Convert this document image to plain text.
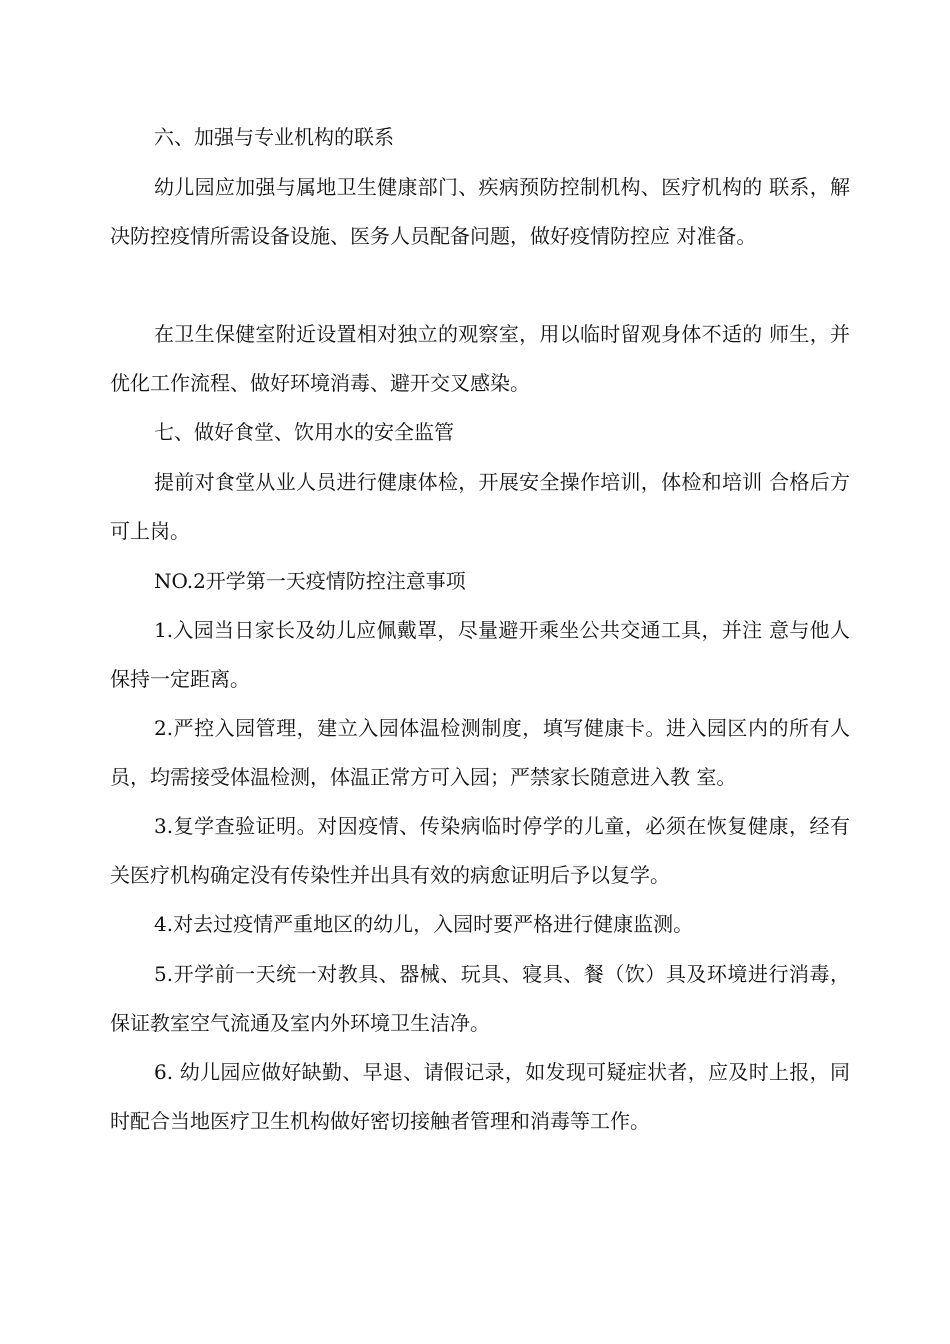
六、加强与专业机构的联系

幼儿园应加强与属地卫生健康部门、疾病预防控制机构、医疗机构的 联系，解决防控疫情所需设备设施、医务人员配备问题，做好疫情防控应 对准备。

在卫生保健室附近设置相对独立的观察室，用以临时留观身体不适的 师生，并优化工作流程、做好环境消毒、避开交叉感染。

七、做好食堂、饮用水的安全监管

提前对食堂从业人员进行健康体检，开展安全操作培训，体检和培训 合格后方可上岗。

NO.2开学第一天疫情防控注意事项

1.入园当日家长及幼儿应佩戴罩，尽量避开乘坐公共交通工具，并注 意与他人保持一定距离。

2.严控入园管理，建立入园体温检测制度，填写健康卡。进入园区内的所有人员，均需接受体温检测，体温正常方可入园；严禁家长随意进入教 室。

3.复学查验证明。对因疫情、传染病临时停学的儿童，必须在恢复健康，经有关医疗机构确定没有传染性并出具有效的病愈证明后予以复学。

4.对去过疫情严重地区的幼儿，入园时要严格进行健康监测。

5.开学前一天统一对教具、器械、玩具、寝具、餐（饮）具及环境进行消毒，保证教室空气流通及室内外环境卫生洁净。

6. 幼儿园应做好缺勤、早退、请假记录，如发现可疑症状者，应及时上报，同时配合当地医疗卫生机构做好密切接触者管理和消毒等工作。
